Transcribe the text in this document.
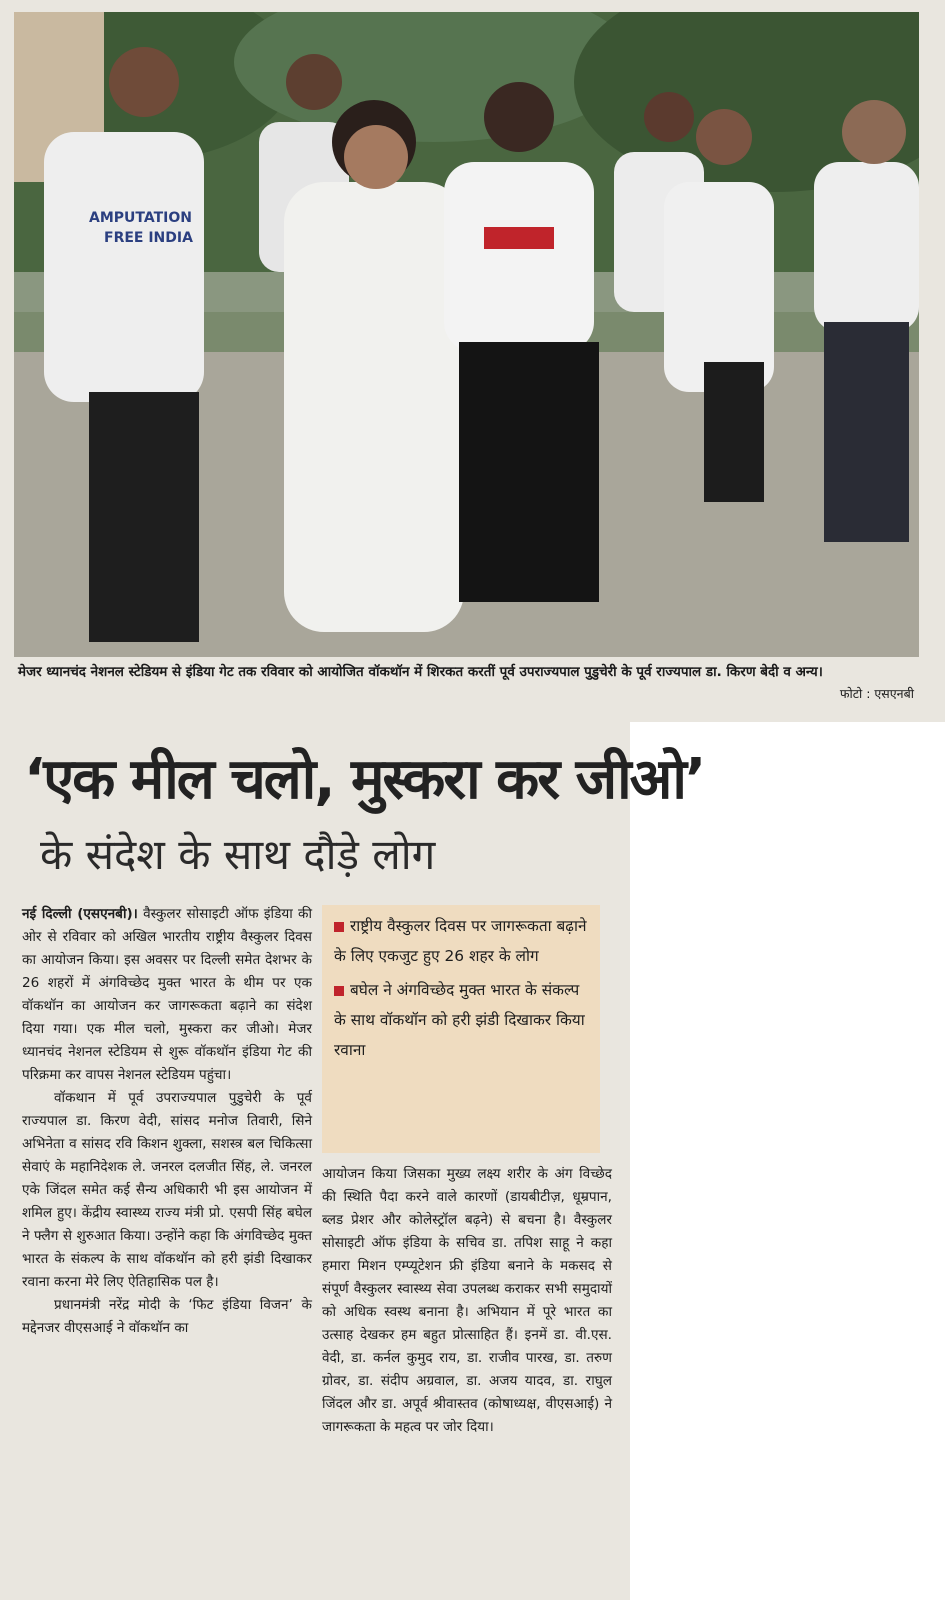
AMPUTATION
FREE INDIA
मेजर ध्यानचंद नेशनल स्टेडियम से इंडिया गेट तक रविवार को आयोजित वॉकथॉन में शिरकत करतीं पूर्व उपराज्यपाल पुडुचेरी के पूर्व राज्यपाल डा. किरण बेदी व अन्य।
फोटो : एसएनबी
‘एक मील चलो, मुस्करा कर जीओ’
के संदेश के साथ दौड़े लोग

नई दिल्ली (एसएनबी)। वैस्कुलर सोसाइटी ऑफ इंडिया की ओर से रविवार को अखिल भारतीय राष्ट्रीय वैस्कुलर दिवस का आयोजन किया। इस अवसर पर दिल्ली समेत देशभर के 26 शहरों में अंगविच्छेद मुक्त भारत के थीम पर एक वॉकथॉन का आयोजन कर जागरूकता बढ़ाने का संदेश दिया गया। एक मील चलो, मुस्करा कर जीओ। मेजर ध्यानचंद नेशनल स्टेडियम से शुरू वॉकथॉन इंडिया गेट की परिक्रमा कर वापस नेशनल स्टेडियम पहुंचा।

वॉकथान में पूर्व उपराज्यपाल पुडुचेरी के पूर्व राज्यपाल डा. किरण वेदी, सांसद मनोज तिवारी, सिने अभिनेता व सांसद रवि किशन शुक्ला, सशस्त्र बल चिकित्सा सेवाएं के महानिदेशक ले. जनरल दलजीत सिंह, ले. जनरल एके जिंदल समेत कई सैन्य अधिकारी भी इस आयोजन में शमिल हुए। केंद्रीय स्वास्थ्य राज्य मंत्री प्रो. एसपी सिंह बघेल ने फ्लैग से शुरुआत किया। उन्होंने कहा कि अंगविच्छेद मुक्त भारत के संकल्प के साथ वॉकथॉन को हरी झंडी दिखाकर रवाना करना मेरे लिए ऐतिहासिक पल है।

प्रधानमंत्री नरेंद्र मोदी के ‘फिट इंडिया विजन’ के मद्देनजर वीएसआई ने वॉकथॉन का

राष्ट्रीय वैस्कुलर दिवस पर जागरूकता बढ़ाने के लिए एकजुट हुए 26 शहर के लोग
बघेल ने अंगविच्छेद मुक्त भारत के संकल्प के साथ वॉकथॉन को हरी झंडी दिखाकर किया रवाना

आयोजन किया जिसका मुख्य लक्ष्य शरीर के अंग विच्छेद की स्थिति पैदा करने वाले कारणों (डायबीटीज़, धूम्रपान, ब्लड प्रेशर और कोलेस्ट्रॉल बढ़ने) से बचना है। वैस्कुलर सोसाइटी ऑफ इंडिया के सचिव डा. तपिश साहू ने कहा हमारा मिशन एम्प्यूटेशन फ्री इंडिया बनाने के मकसद से संपूर्ण वैस्कुलर स्वास्थ्य सेवा उपलब्ध कराकर सभी समुदायों को अधिक स्वस्थ बनाना है। अभियान में पूरे भारत का उत्साह देखकर हम बहुत प्रोत्साहित हैं। इनमें डा. वी.एस. वेदी, डा. कर्नल कुमुद राय, डा. राजीव पारख, डा. तरुण ग्रोवर, डा. संदीप अग्रवाल, डा. अजय यादव, डा. राघुल जिंदल और डा. अपूर्व श्रीवास्तव (कोषाध्यक्ष, वीएसआई) ने जागरूकता के महत्व पर जोर दिया।
